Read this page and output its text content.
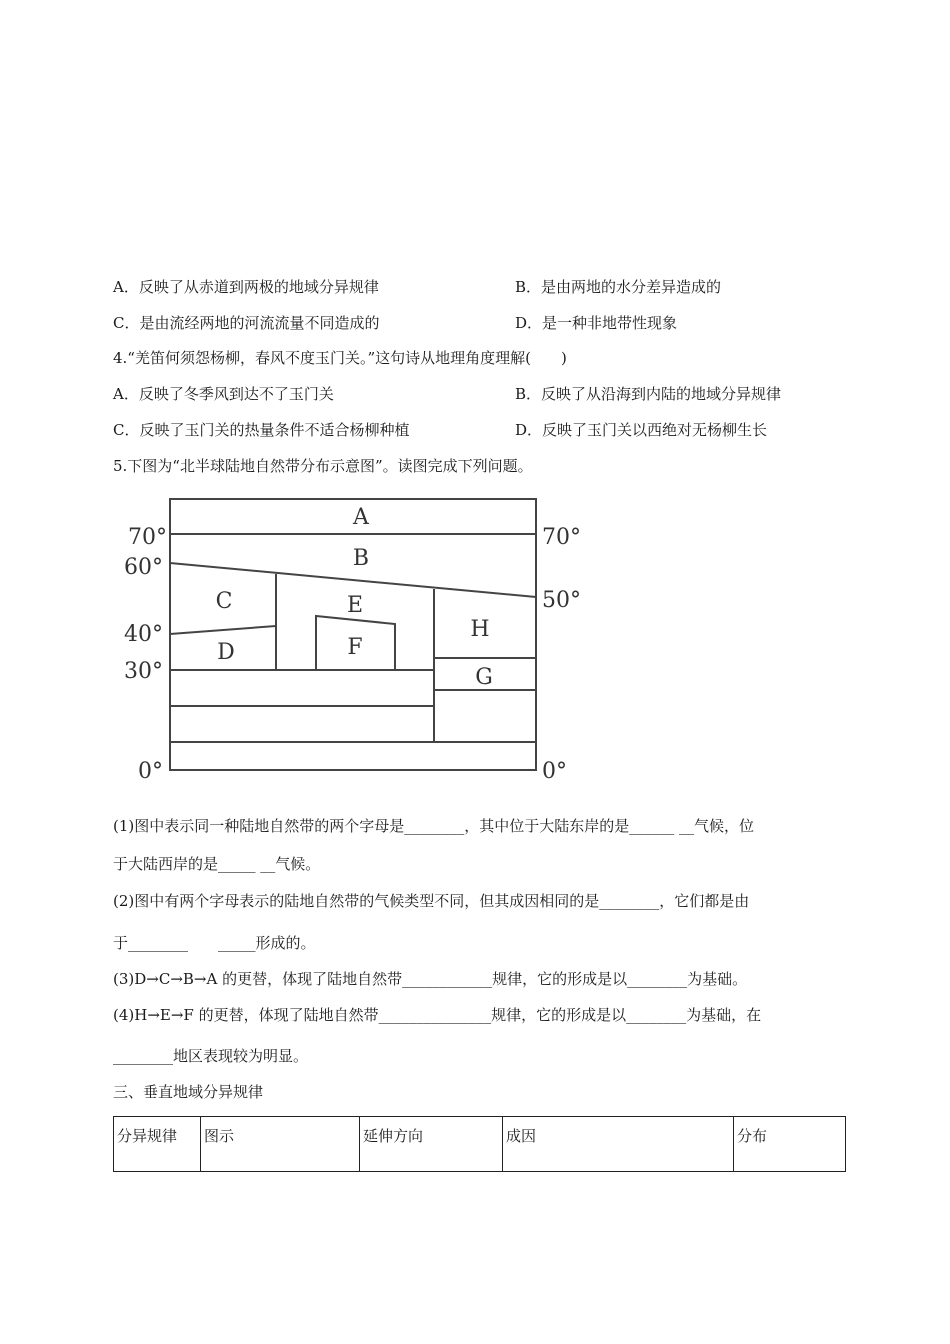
A．反映了从赤道到两极的地域分异规律	B．是由两地的水分差异造成的
C．是由流经两地的河流流量不同造成的	D．是一种非地带性现象
4.“羌笛何须怨杨柳，春风不度玉门关。”这句诗从地理角度理解(　　)
A．反映了冬季风到达不了玉门关	B．反映了从沿海到内陆的地域分异规律
C．反映了玉门关的热量条件不适合杨柳种植	D．反映了玉门关以西绝对无杨柳生长
5.下图为“北半球陆地自然带分布示意图”。读图完成下列问题。
70°
60°
40°
30°
0°
70°
50°
0°
A
B
C
D
E
F
H
G
(1)图中表示同一种陆地自然带的两个字母是________，其中位于大陆东岸的是______ __气候，位
于大陆西岸的是_____ __气候。
(2)图中有两个字母表示的陆地自然带的气候类型不同，但其成因相同的是________，它们都是由
于________　　_____形成的。
(3)D→C→B→A 的更替，体现了陆地自然带____________规律，它的形成是以________为基础。
(4)H→E→F 的更替，体现了陆地自然带_______________规律，它的形成是以________为基础，在
________地区表现较为明显。
三、垂直地域分异规律
分异规律	图示	延伸方向	成因	分布
